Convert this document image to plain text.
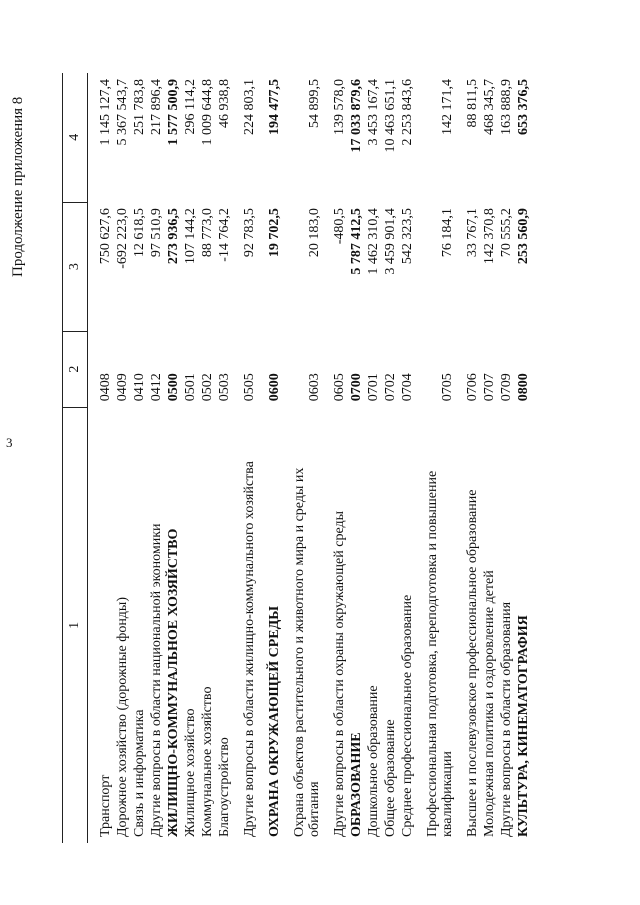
Продолжение приложения 8
1	2	3	4
Транспорт	0408	750 627,6	1 145 127,4
Дорожное хозяйство (дорожные фонды)	0409	-692 223,0	5 367 543,7
Связь и информатика	0410	12 618,5	251 783,8
Другие вопросы в области национальной экономики	0412	97 510,9	217 896,4
ЖИЛИЩНО-КОММУНАЛЬНОЕ ХОЗЯЙСТВО	0500	273 936,5	1 577 500,9
Жилищное хозяйство	0501	107 144,2	296 114,2
Коммунальное хозяйство	0502	88 773,0	1 009 644,8
Благоустройство	0503	-14 764,2	46 938,8
Другие вопросы в области жилищно-коммунального хозяйства	0505	92 783,5	224 803,1
ОХРАНА ОКРУЖАЮЩЕЙ СРЕДЫ	0600	19 702,5	194 477,5
Охрана объектов растительного и животного мира и среды их обитания	0603	20 183,0	54 899,5
Другие вопросы в области охраны окружающей среды	0605	-480,5	139 578,0
ОБРАЗОВАНИЕ	0700	5 787 412,5	17 033 879,6
Дошкольное образование	0701	1 462 310,4	3 453 167,4
Общее образование	0702	3 459 901,4	10 463 651,1
Среднее профессиональное образование	0704	542 323,5	2 253 843,6
Профессиональная подготовка, переподготовка и повышение квалификации	0705	76 184,1	142 171,4
Высшее и послевузовское профессиональное образование	0706	33 767,1	88 811,5
Молодежная политика и оздоровление детей	0707	142 370,8	468 345,7
Другие вопросы в области образования	0709	70 555,2	163 888,9
КУЛЬТУРА, КИНЕМАТОГРАФИЯ	0800	253 560,9	653 376,5
3
